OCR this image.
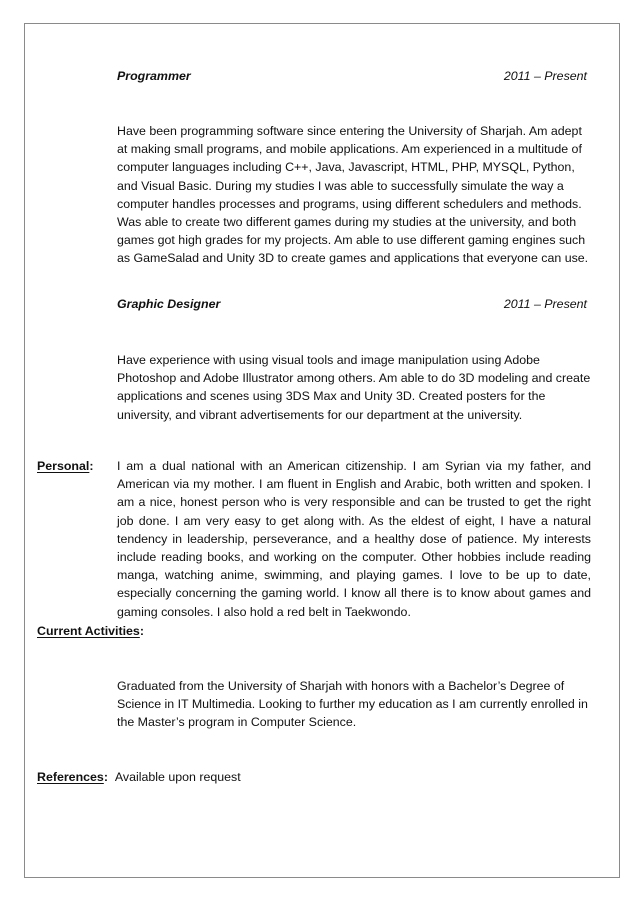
Programmer	2011 – Present
Have been programming software since entering the University of Sharjah. Am adept at making small programs, and mobile applications. Am experienced in a multitude of computer languages including C++, Java, Javascript, HTML, PHP, MYSQL, Python, and Visual Basic. During my studies I was able to successfully simulate the way a computer handles processes and programs, using different schedulers and methods. Was able to create two different games during my studies at the university, and both games got high grades for my projects. Am able to use different gaming engines such as GameSalad and Unity 3D to create games and applications that everyone can use.
Graphic Designer	2011 – Present
Have experience with using visual tools and image manipulation using Adobe Photoshop and Adobe Illustrator among others. Am able to do 3D modeling and create applications and scenes using 3DS Max and Unity 3D. Created posters for the university, and vibrant advertisements for our department at the university.
Personal: I am a dual national with an American citizenship. I am Syrian via my father, and American via my mother. I am fluent in English and Arabic, both written and spoken. I am a nice, honest person who is very responsible and can be trusted to get the right job done. I am very easy to get along with. As the eldest of eight, I have a natural tendency in leadership, perseverance, and a healthy dose of patience. My interests include reading books, and working on the computer. Other hobbies include reading manga, watching anime, swimming, and playing games. I love to be up to date, especially concerning the gaming world. I know all there is to know about games and gaming consoles. I also hold a red belt in Taekwondo.
Current Activities:
Graduated from the University of Sharjah with honors with a Bachelor’s Degree of Science in IT Multimedia. Looking to further my education as I am currently enrolled in the Master’s program in Computer Science.
References: Available upon request
